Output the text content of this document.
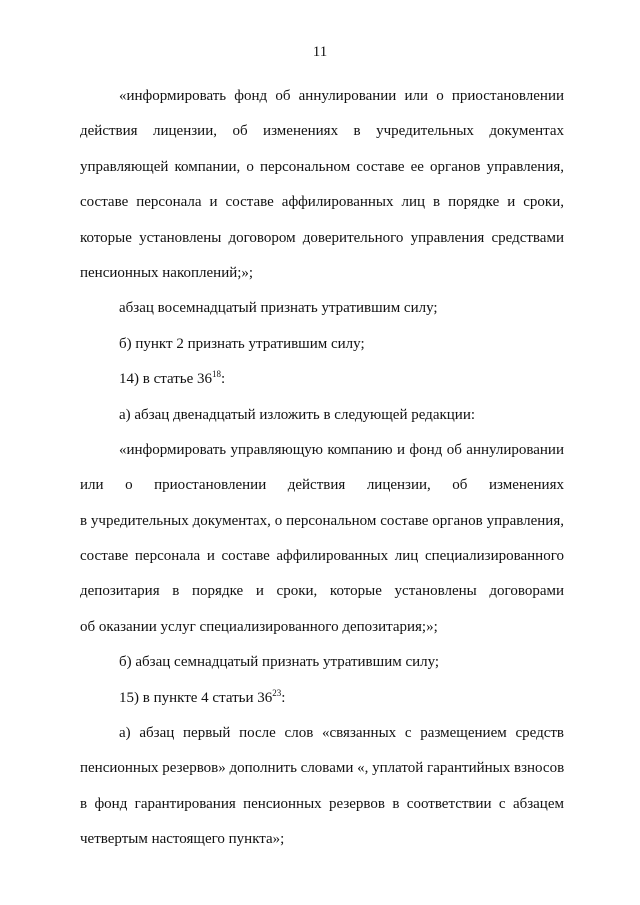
11
«информировать фонд об аннулировании или о приостановлении
действия лицензии, об изменениях в учредительных документах
управляющей компании, о персональном составе ее органов управления,
составе персонала и составе аффилированных лиц в порядке и сроки,
которые установлены договором доверительного управления средствами
пенсионных накоплений;»;
абзац восемнадцатый признать утратившим силу;
б) пункт 2 признать утратившим силу;
14) в статье $36^{18}$:
а) абзац двенадцатый изложить в следующей редакции:
«информировать управляющую компанию и фонд об аннулировании
или о приостановлении действия лицензии, об изменениях
в учредительных документах, о персональном составе органов управления,
составе персонала и составе аффилированных лиц специализированного
депозитария в порядке и сроки, которые установлены договорами
об оказании услуг специализированного депозитария;»;
б) абзац семнадцатый признать утратившим силу;
15) в пункте 4 статьи $36^{23}$:
а) абзац первый после слов «связанных с размещением средств
пенсионных резервов» дополнить словами «, уплатой гарантийных взносов
в фонд гарантирования пенсионных резервов в соответствии с абзацем
четвертым настоящего пункта»;
